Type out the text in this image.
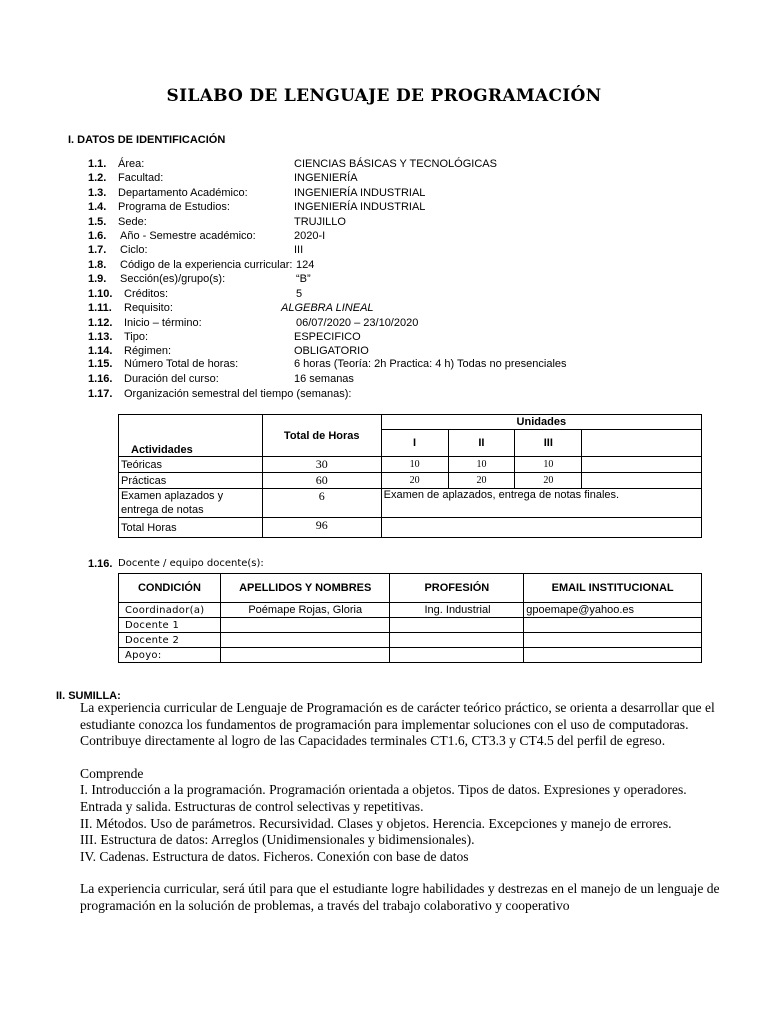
SILABO DE LENGUAJE DE PROGRAMACIÓN
I. DATOS DE IDENTIFICACIÓN
1.1. Área:	CIENCIAS BÁSICAS Y TECNOLÓGICAS
1.2. Facultad:	INGENIERÍA
1.3. Departamento Académico:	INGENIERÍA INDUSTRIAL
1.4. Programa de Estudios:	INGENIERÍA INDUSTRIAL
1.5. Sede:	TRUJILLO
1.6. Año - Semestre académico:	2020-I
1.7. Ciclo:	III
1.8. Código de la experiencia curricular: 124
1.9. Sección(es)/grupo(s):	“B”
1.10. Créditos:	5
1.11. Requisito:	ALGEBRA LINEAL
1.12. Inicio – término:	06/07/2020 – 23/10/2020
1.13. Tipo:	ESPECIFICO
1.14. Régimen:	OBLIGATORIO
1.15. Número Total de horas:	6 horas (Teoría: 2h Practica: 4 h) Todas no presenciales
1.16. Duración del curso:	16 semanas
1.17. Organización semestral del tiempo (semanas):
Actividades	Total de Horas	Unidades			
		I	II	III	
Teóricas	30	10	10	10	
Prácticas	60	20	20	20	
Examen aplazados y entrega de notas	6	Examen de aplazados, entrega de notas finales.			
Total Horas	96				
1.16. Docente / equipo docente(s):
CONDICIÓN	APELLIDOS Y NOMBRES	PROFESIÓN	EMAIL INSTITUCIONAL
Coordinador(a)	Poémape Rojas, Gloria	Ing. Industrial	gpoemape@yahoo.es
Docente 1			
Docente 2			
Apoyo:			
II. SUMILLA:

La experiencia curricular de Lenguaje de Programación es de carácter teórico práctico, se orienta a desarrollar que el estudiante conozca los fundamentos de programación para implementar soluciones con el uso de computadoras. Contribuye directamente al logro de las Capacidades terminales CT1.6, CT3.3 y CT4.5 del perfil de egreso.

Comprende

I. Introducción a la programación. Programación orientada a objetos. Tipos de datos. Expresiones y operadores. Entrada y salida. Estructuras de control selectivas y repetitivas.

II. Métodos. Uso de parámetros. Recursividad. Clases y objetos. Herencia. Excepciones y manejo de errores.

III. Estructura de datos: Arreglos (Unidimensionales y bidimensionales).

IV. Cadenas. Estructura de datos. Ficheros. Conexión con base de datos

La experiencia curricular, será útil para que el estudiante logre habilidades y destrezas en el manejo de un lenguaje de programación en la solución de problemas, a través del trabajo colaborativo y cooperativo
